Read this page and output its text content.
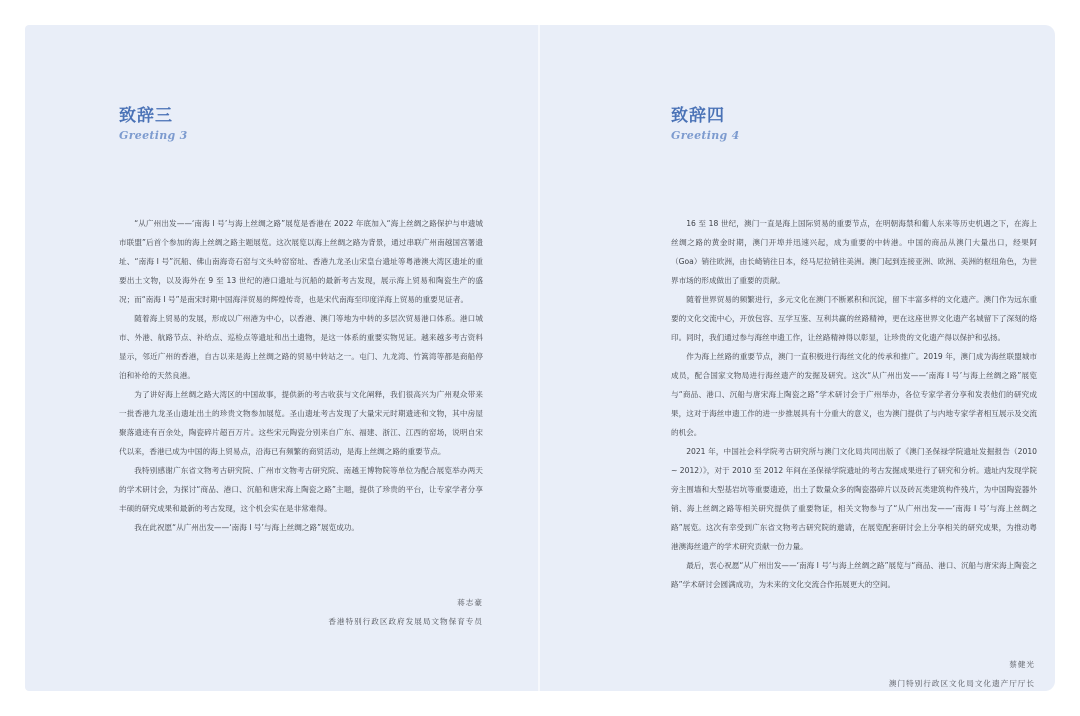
致辞三
Greeting 3

“从广州出发——‘南海 I 号’与海上丝绸之路”展览是香港在 2022 年底加入“海上丝绸之路保护与申遗城市联盟”后首个参加的海上丝绸之路主题展览。这次展览以海上丝绸之路为背景，通过串联广州南越国宫署遗址、“南海 I 号”沉船、佛山南海奇石窑与文头岭窑窑址、香港九龙圣山宋皇台遗址等粤港澳大湾区遗址的重要出土文物，以及海外在 9 至 13 世纪的港口遗址与沉船的最新考古发现，展示海上贸易和陶瓷生产的盛况；而“南海 I 号”是南宋时期中国海洋贸易的辉煌传奇，也是宋代南海至印度洋海上贸易的重要见证者。

随着海上贸易的发展，形成以广州港为中心，以香港、澳门等地为中转的多层次贸易港口体系。港口城市、外港、航路节点、补给点、巡检点等遗址和出土遗物，是这一体系的重要实物见证。越来越多考古资料显示，邻近广州的香港，自古以来是海上丝绸之路的贸易中转站之一。屯门、九龙湾、竹篙湾等都是商船停泊和补给的天然良港。

为了讲好海上丝绸之路大湾区的中国故事，提供新的考古收获与文化阐释，我们很高兴为广州观众带来一批香港九龙圣山遗址出土的珍贵文物参加展览。圣山遗址考古发现了大量宋元时期遗迹和文物，其中房屋聚落遗迹有百余处，陶瓷碎片超百万片。这些宋元陶瓷分别来自广东、福建、浙江、江西的窑场，说明自宋代以来，香港已成为中国的海上贸易点，沿海已有频繁的商贸活动，是海上丝绸之路的重要节点。

我特别感谢广东省文物考古研究院、广州市文物考古研究院、南越王博物院等单位为配合展览举办两天的学术研讨会，为探讨“商品、港口、沉船和唐宋海上陶瓷之路”主题，提供了珍贵的平台，让专家学者分享丰硕的研究成果和最新的考古发现，这个机会实在是非常难得。

我在此祝愿“从广州出发——‘南海 I 号’与海上丝绸之路”展览成功。

蒋志豪

香港特别行政区政府发展局文物保育专员

致辞四
Greeting 4

16 至 18 世纪，澳门一直是海上国际贸易的重要节点，在明朝海禁和葡人东来等历史机遇之下，在海上丝绸之路的黄金时期，澳门开埠并迅速兴起，成为重要的中转港。中国的商品从澳门大量出口，经果阿（Goa）销往欧洲，由长崎销往日本，经马尼拉销往美洲。澳门起到连接亚洲、欧洲、美洲的枢纽角色，为世界市场的形成做出了重要的贡献。

随着世界贸易的频繁进行，多元文化在澳门不断累积和沉淀，留下丰富多样的文化遗产。澳门作为远东重要的文化交流中心，开放包容、互学互鉴、互利共赢的丝路精神，更在这座世界文化遗产名城留下了深刻的烙印。同时，我们通过参与海丝申遗工作，让丝路精神得以彰显，让珍贵的文化遗产得以保护和弘扬。

作为海上丝路的重要节点，澳门一直积极进行海丝文化的传承和推广。2019 年，澳门成为海丝联盟城市成员，配合国家文物局进行海丝遗产的发掘及研究。这次“从广州出发——‘南海 I 号’与海上丝绸之路”展览与“商品、港口、沉船与唐宋海上陶瓷之路”学术研讨会于广州举办，各位专家学者分享和发表他们的研究成果，这对于海丝申遗工作的进一步推展具有十分重大的意义，也为澳门提供了与内地专家学者相互展示及交流的机会。

2021 年，中国社会科学院考古研究所与澳门文化局共同出版了《澳门圣保禄学院遗址发掘报告（2010 ~ 2012）》，对于 2010 至 2012 年间在圣保禄学院遗址的考古发掘成果进行了研究和分析。遗址内发现学院旁主围墙和大型基岩坑等重要遗迹，出土了数量众多的陶瓷器碎片以及砖瓦类建筑构件残片，为中国陶瓷器外销、海上丝绸之路等相关研究提供了重要物证，相关文物参与了“从广州出发——‘南海 I 号’与海上丝绸之路”展览。这次有幸受到广东省文物考古研究院的邀请，在展览配套研讨会上分享相关的研究成果，为推动粤港澳海丝遗产的学术研究贡献一份力量。

最后，衷心祝愿“从广州出发——‘南海 I 号’与海上丝绸之路”展览与“商品、港口、沉船与唐宋海上陶瓷之路”学术研讨会圆满成功，为未来的文化交流合作拓展更大的空间。

蔡健光

澳门特别行政区文化局文化遗产厅厅长
